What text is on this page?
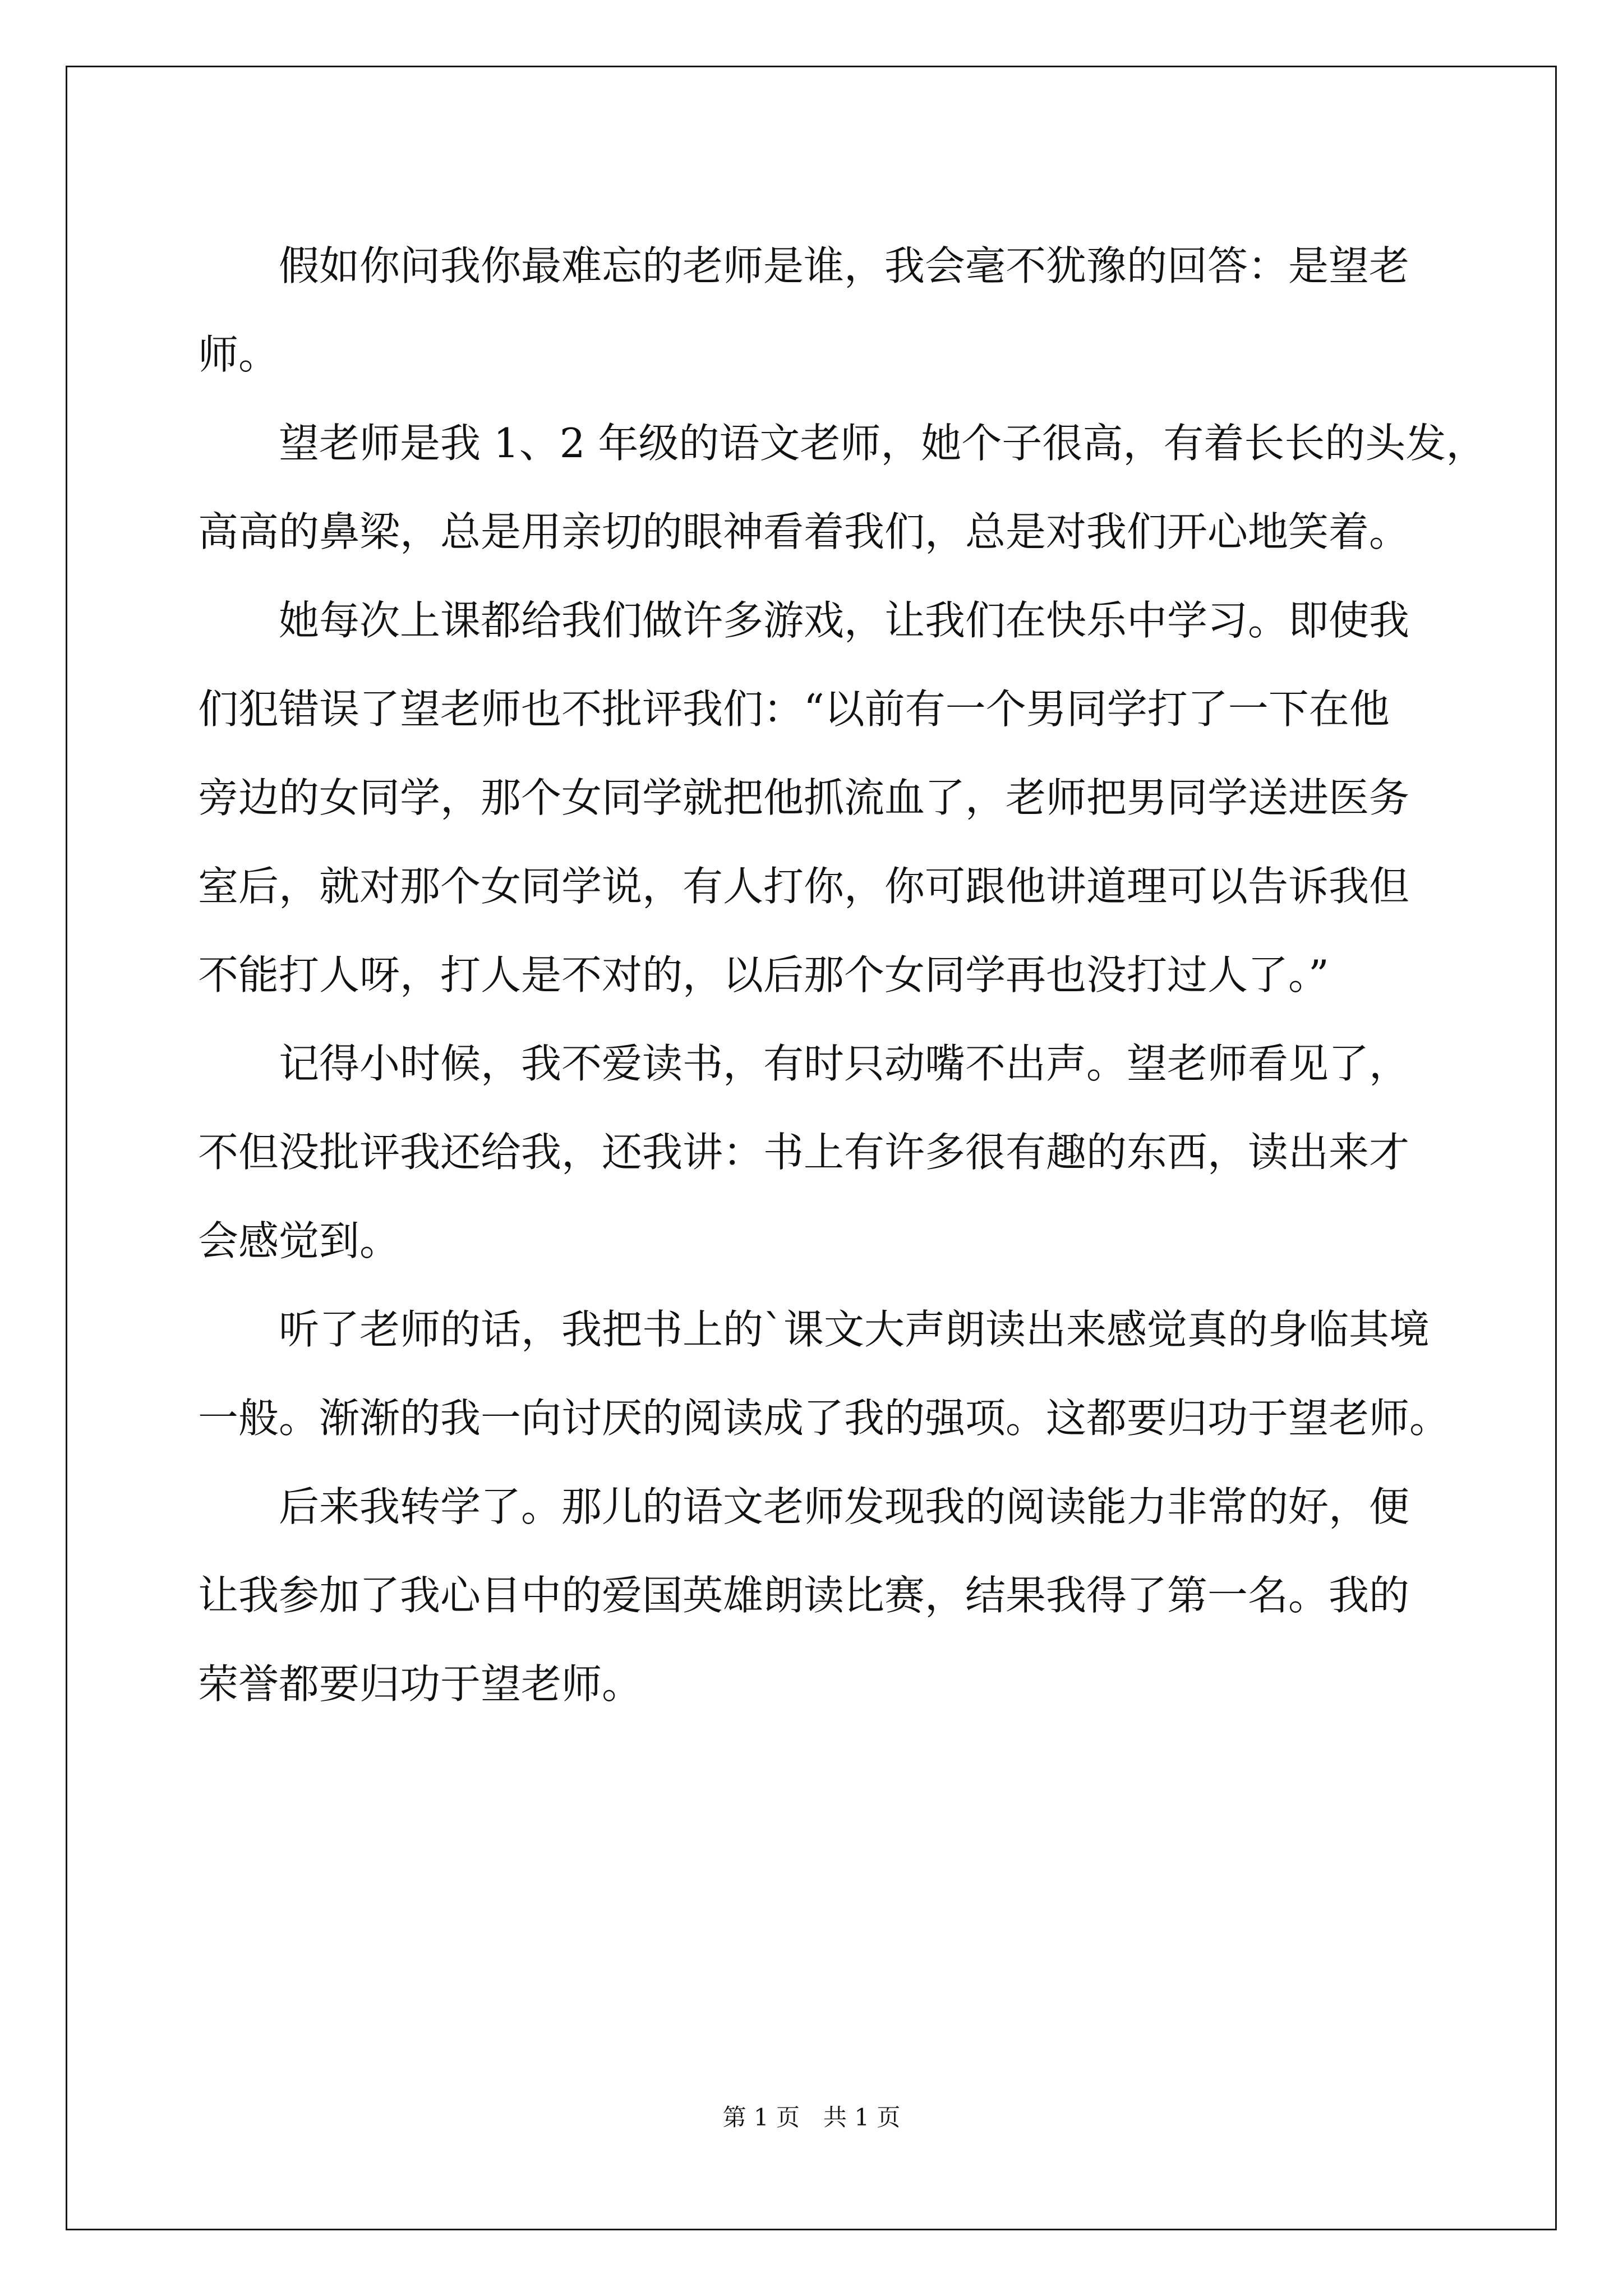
假如你问我你最难忘的老师是谁，我会毫不犹豫的回答：是望老
师。

望老师是我 1、2 年级的语文老师，她个子很高，有着长长的头发，
高高的鼻梁，总是用亲切的眼神看着我们，总是对我们开心地笑着。

她每次上课都给我们做许多游戏，让我们在快乐中学习。即使我
们犯错误了望老师也不批评我们：“以前有一个男同学打了一下在他
旁边的女同学，那个女同学就把他抓流血了，老师把男同学送进医务
室后，就对那个女同学说，有人打你，你可跟他讲道理可以告诉我但
不能打人呀，打人是不对的，以后那个女同学再也没打过人了。”

记得小时候，我不爱读书，有时只动嘴不出声。望老师看见了，
不但没批评我还给我，还我讲：书上有许多很有趣的东西，读出来才
会感觉到。

听了老师的话，我把书上的`课文大声朗读出来感觉真的身临其境
一般。渐渐的我一向讨厌的阅读成了我的强项。这都要归功于望老师。

后来我转学了。那儿的语文老师发现我的阅读能力非常的好，便
让我参加了我心目中的爱国英雄朗读比赛，结果我得了第一名。我的
荣誉都要归功于望老师。

第 1 页 共 1 页
